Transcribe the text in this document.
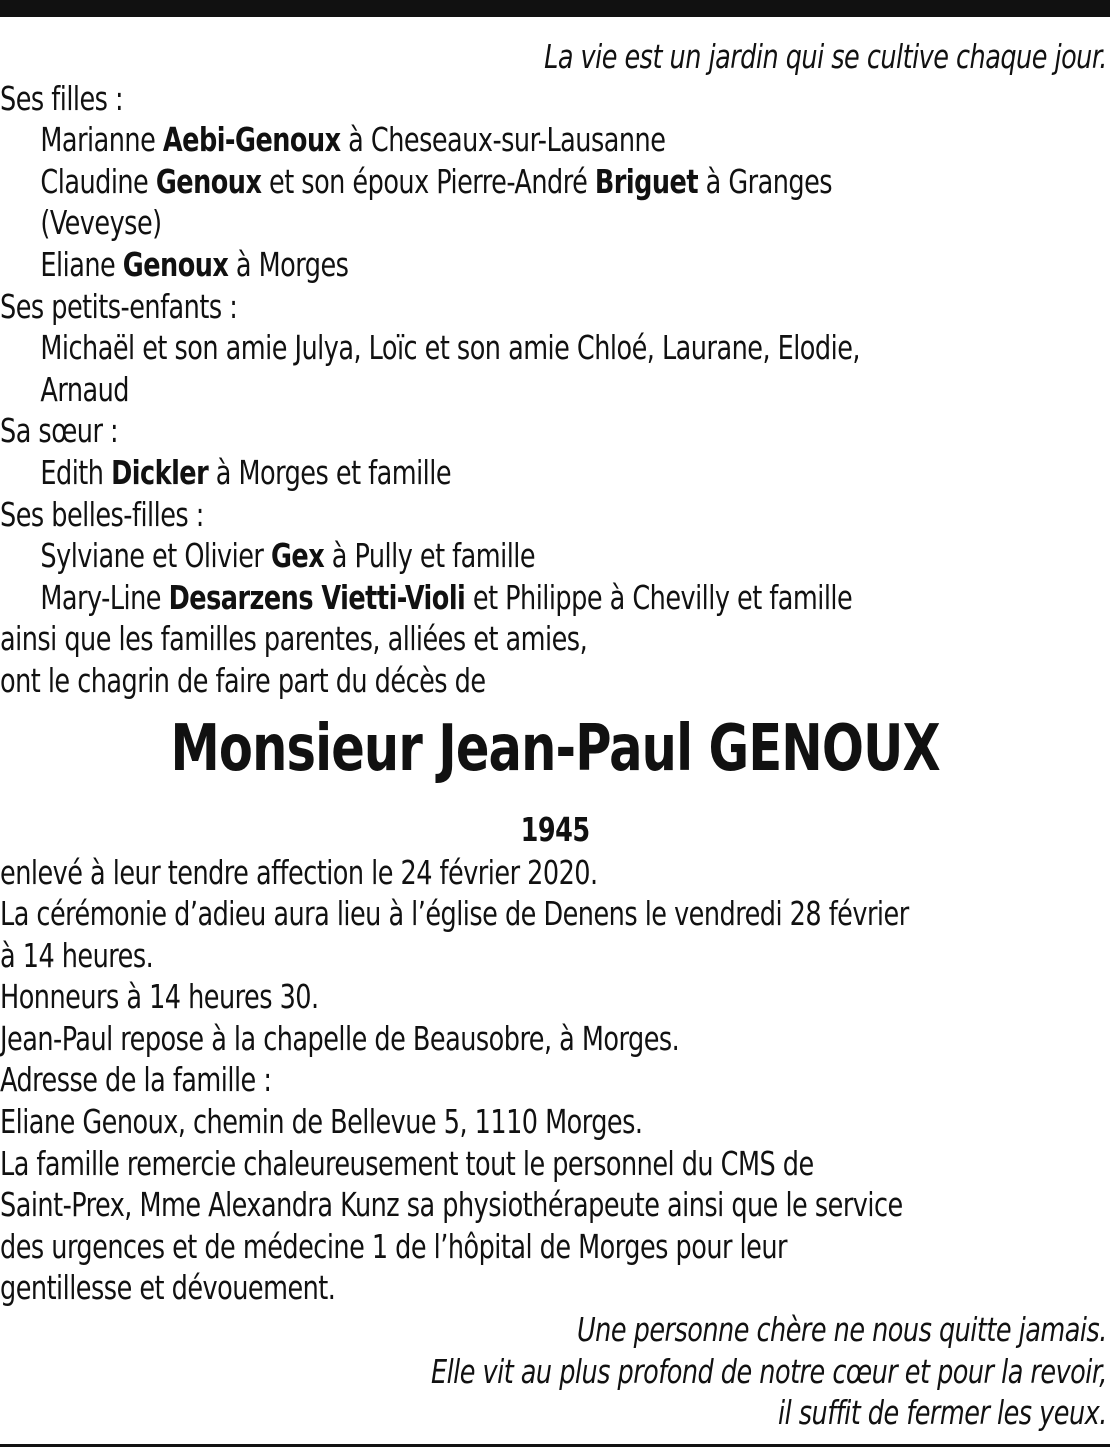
La vie est un jardin qui se cultive chaque jour.
Ses filles :
Marianne Aebi-Genoux à Cheseaux-sur-Lausanne
Claudine Genoux et son époux Pierre-André Briguet à Granges
(Veveyse)
Eliane Genoux à Morges
Ses petits-enfants :
Michaël et son amie Julya, Loïc et son amie Chloé, Laurane, Elodie,
Arnaud
Sa sœur :
Edith Dickler à Morges et famille
Ses belles-filles :
Sylviane et Olivier Gex à Pully et famille
Mary-Line Desarzens Vietti-Violi et Philippe à Chevilly et famille
ainsi que les familles parentes, alliées et amies,
ont le chagrin de faire part du décès de
Monsieur Jean-Paul GENOUX
1945
enlevé à leur tendre affection le 24 février 2020.
La cérémonie d’adieu aura lieu à l’église de Denens le vendredi 28 février
à 14 heures.
Honneurs à 14 heures 30.
Jean-Paul repose à la chapelle de Beausobre, à Morges.
Adresse de la famille :
Eliane Genoux, chemin de Bellevue 5, 1110 Morges.
La famille remercie chaleureusement tout le personnel du CMS de
Saint-Prex, Mme Alexandra Kunz sa physiothérapeute ainsi que le service
des urgences et de médecine 1 de l’hôpital de Morges pour leur
gentillesse et dévouement.
Une personne chère ne nous quitte jamais.
Elle vit au plus profond de notre cœur et pour la revoir,
il suffit de fermer les yeux.
